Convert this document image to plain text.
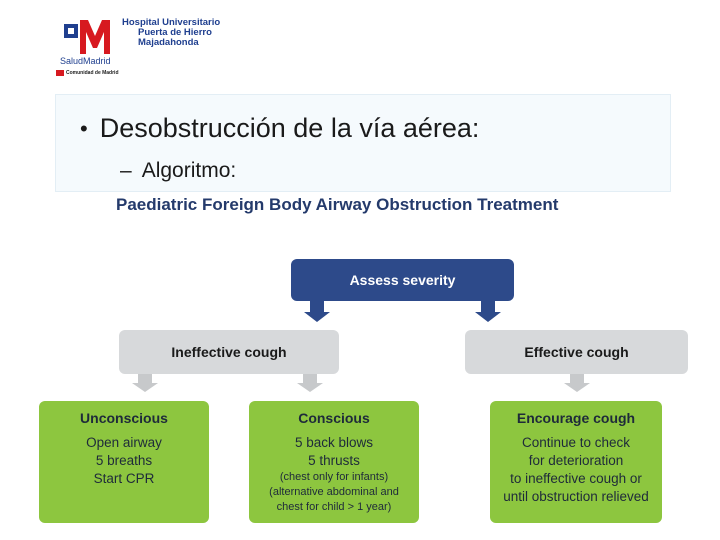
SaludMadrid
Hospital Universitario
Puerta de Hierro
Majadahonda
Comunidad de Madrid
• Desobstrucción de la vía aérea:
– Algoritmo:
Paediatric Foreign Body Airway Obstruction Treatment
Assess severity
Ineffective cough	Effective cough
Unconscious
Open airway
5 breaths
Start CPR
Conscious
5 back blows
5 thrusts
(chest only for infants)
(alternative abdominal and
chest for child > 1 year)
Encourage cough
Continue to check
for deterioration
to ineffective cough or
until obstruction relieved
